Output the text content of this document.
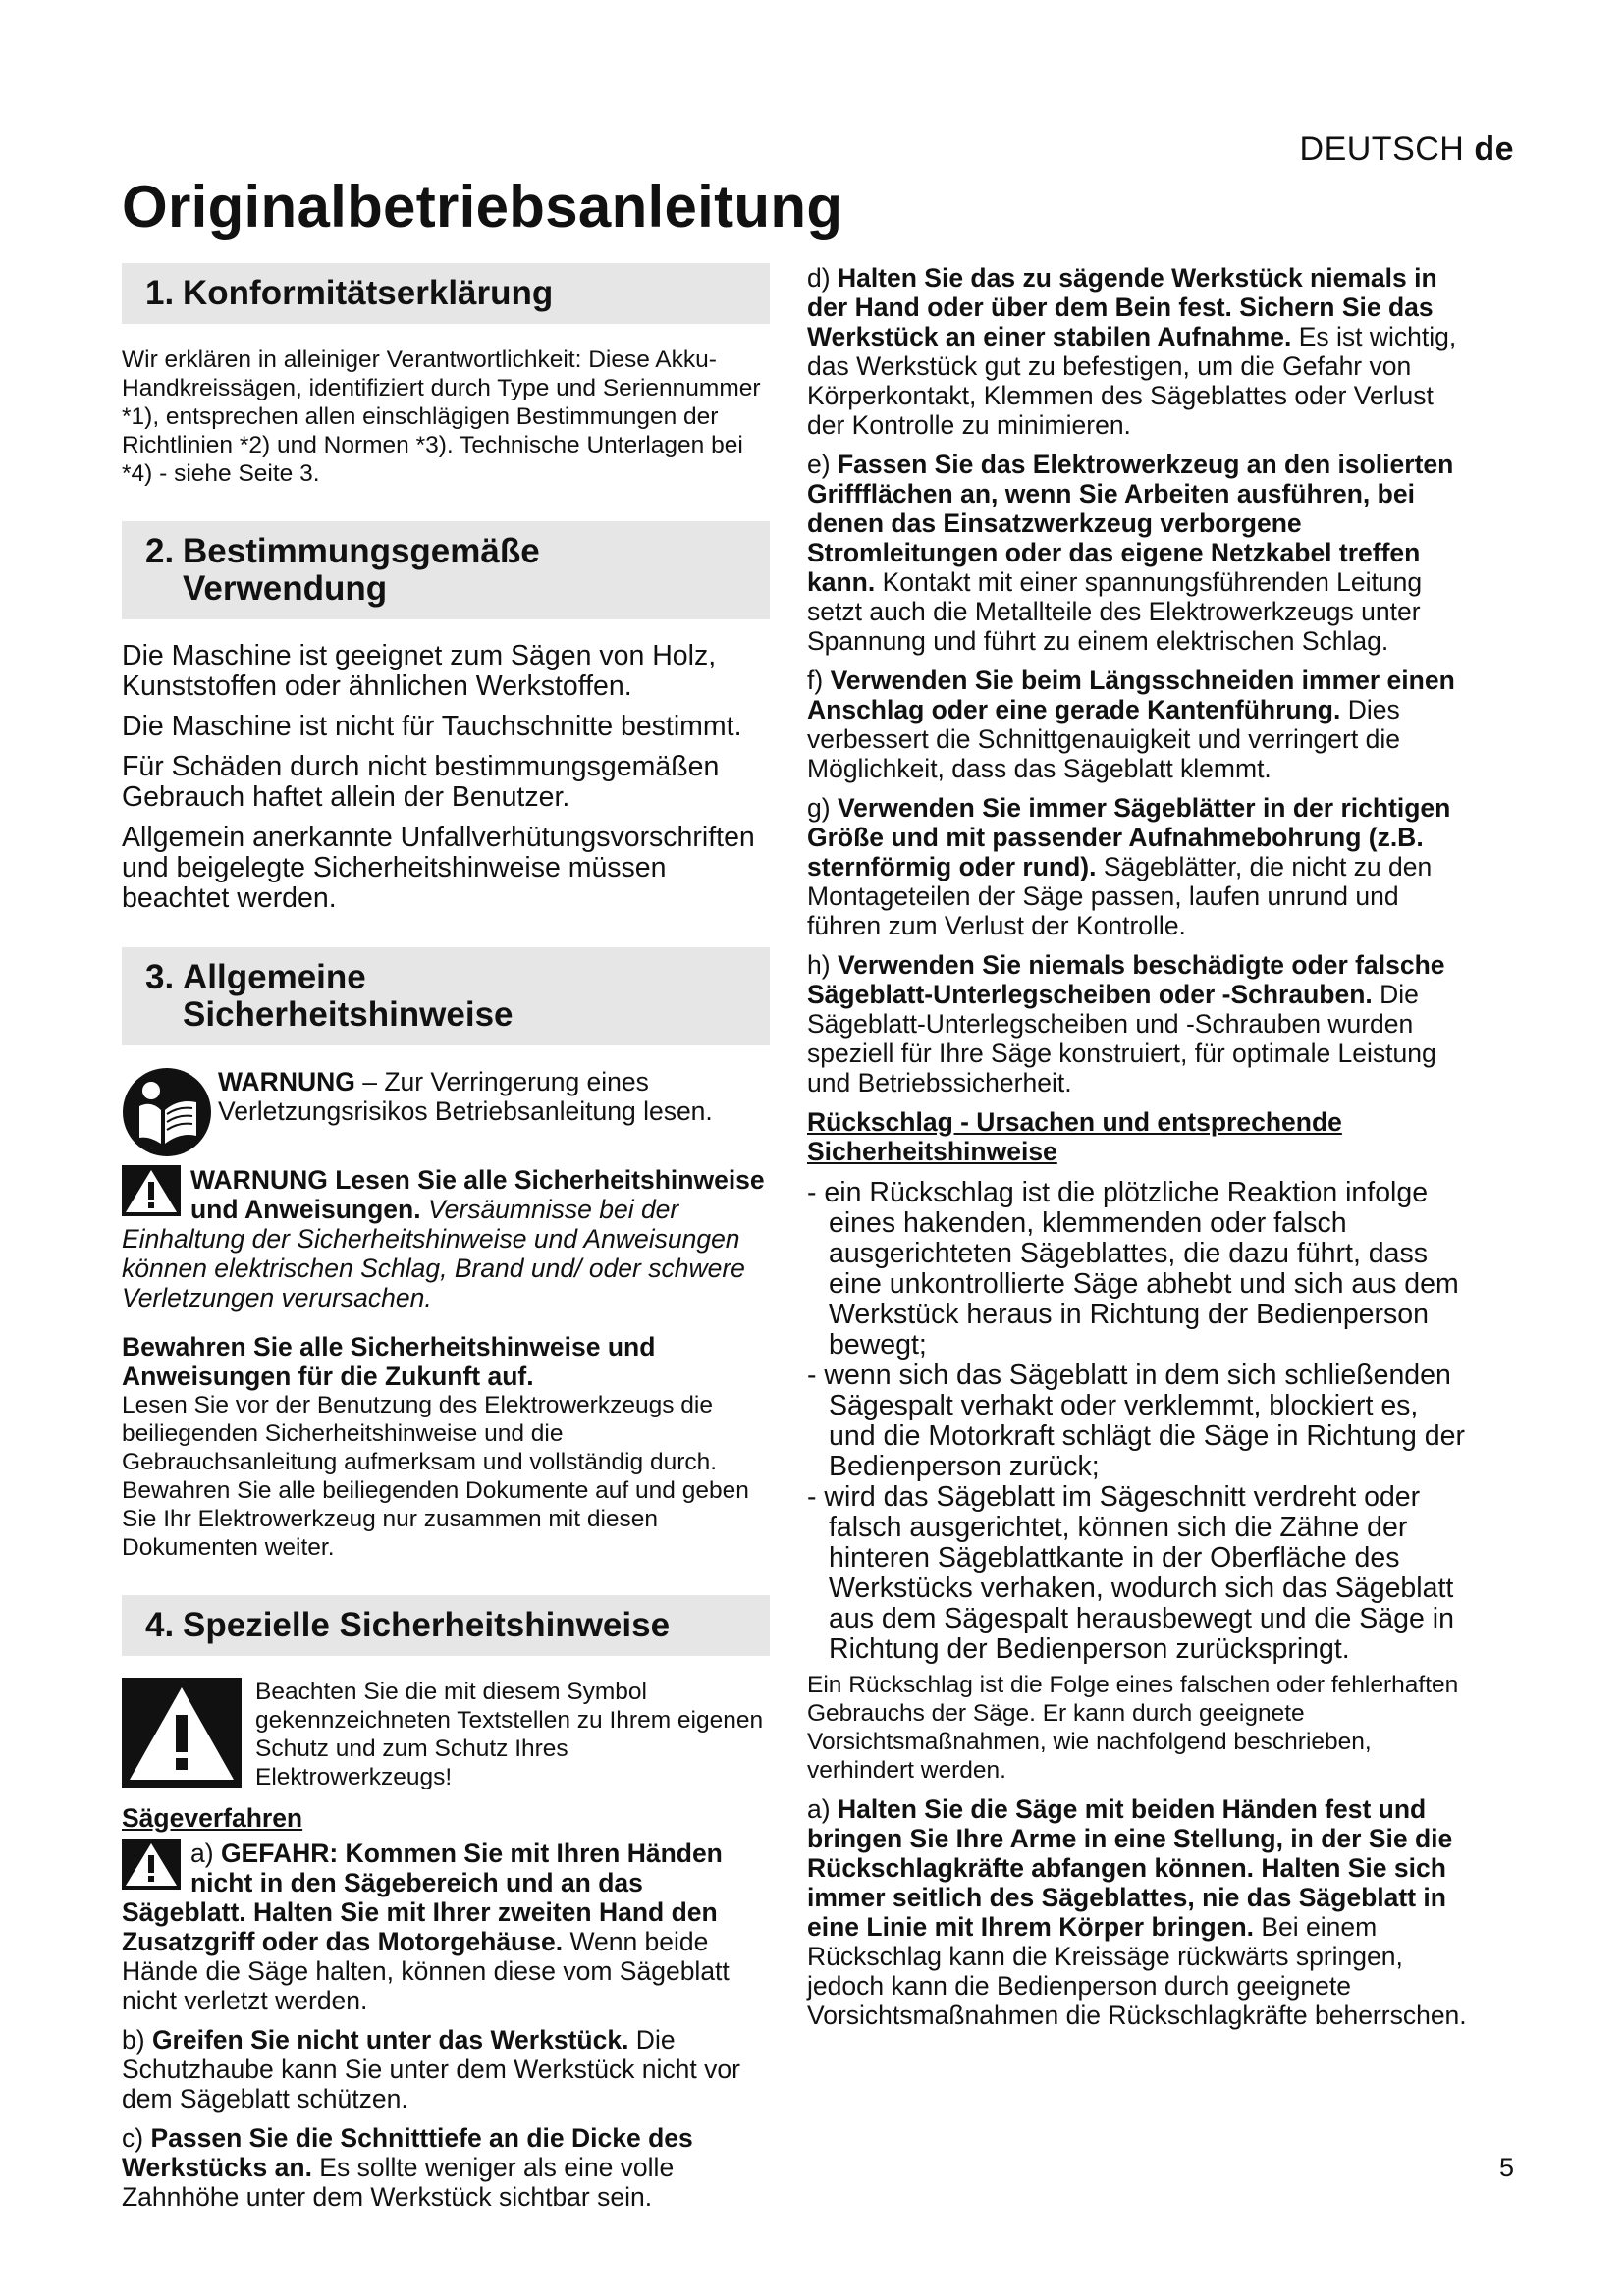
DEUTSCH de
Originalbetriebsanleitung
1. Konformitätserklärung

Wir erklären in alleiniger Verantwortlichkeit: Diese Akku-Handkreissägen, identifiziert durch Type und Seriennummer *1), entsprechen allen einschlägigen Bestimmungen der Richtlinien *2) und Normen *3). Technische Unterlagen bei *4) - siehe Seite 3.

2. Bestimmungsgemäße
Verwendung

Die Maschine ist geeignet zum Sägen von Holz, Kunststoffen oder ähnlichen Werkstoffen.

Die Maschine ist nicht für Tauchschnitte bestimmt.

Für Schäden durch nicht bestimmungsgemäßen Gebrauch haftet allein der Benutzer.

Allgemein anerkannte Unfallverhütungsvorschriften und beigelegte Sicherheitshinweise müssen beachtet werden.

3. Allgemeine
Sicherheitshinweise

WARNUNG – Zur Verringerung eines Verletzungsrisikos Betriebsanleitung lesen.

WARNUNG Lesen Sie alle Sicherheitshinweise und Anweisungen. Versäumnisse bei der Einhaltung der Sicherheitshinweise und Anweisungen können elektrischen Schlag, Brand und/ oder schwere Verletzungen verursachen.

Bewahren Sie alle Sicherheitshinweise und Anweisungen für die Zukunft auf.

Lesen Sie vor der Benutzung des Elektrowerkzeugs die beiliegenden Sicherheitshinweise und die Gebrauchsanleitung aufmerksam und vollständig durch. Bewahren Sie alle beiliegenden Dokumente auf und geben Sie Ihr Elektrowerkzeug nur zusammen mit diesen Dokumenten weiter.

4. Spezielle Sicherheitshinweise

Beachten Sie die mit diesem Symbol gekennzeichneten Textstellen zu Ihrem eigenen Schutz und zum Schutz Ihres Elektrowerkzeugs!

Sägeverfahren

a) GEFAHR: Kommen Sie mit Ihren Händen nicht in den Sägebereich und an das Sägeblatt. Halten Sie mit Ihrer zweiten Hand den Zusatzgriff oder das Motorgehäuse. Wenn beide Hände die Säge halten, können diese vom Sägeblatt nicht verletzt werden.

b) Greifen Sie nicht unter das Werkstück. Die Schutzhaube kann Sie unter dem Werkstück nicht vor dem Sägeblatt schützen.

c) Passen Sie die Schnitttiefe an die Dicke des Werkstücks an. Es sollte weniger als eine volle Zahnhöhe unter dem Werkstück sichtbar sein.

d) Halten Sie das zu sägende Werkstück niemals in der Hand oder über dem Bein fest. Sichern Sie das Werkstück an einer stabilen Aufnahme. Es ist wichtig, das Werkstück gut zu befestigen, um die Gefahr von Körperkontakt, Klemmen des Sägeblattes oder Verlust der Kontrolle zu minimieren.

e) Fassen Sie das Elektrowerkzeug an den isolierten Griffflächen an, wenn Sie Arbeiten ausführen, bei denen das Einsatzwerkzeug verborgene Stromleitungen oder das eigene Netzkabel treffen kann. Kontakt mit einer spannungsführenden Leitung setzt auch die Metallteile des Elektrowerkzeugs unter Spannung und führt zu einem elektrischen Schlag.

f) Verwenden Sie beim Längsschneiden immer einen Anschlag oder eine gerade Kantenführung. Dies verbessert die Schnittgenauigkeit und verringert die Möglichkeit, dass das Sägeblatt klemmt.

g) Verwenden Sie immer Sägeblätter in der richtigen Größe und mit passender Aufnahmebohrung (z.B. sternförmig oder rund). Sägeblätter, die nicht zu den Montageteilen der Säge passen, laufen unrund und führen zum Verlust der Kontrolle.

h) Verwenden Sie niemals beschädigte oder falsche Sägeblatt-Unterlegscheiben oder -Schrauben. Die Sägeblatt-Unterlegscheiben und -Schrauben wurden speziell für Ihre Säge konstruiert, für optimale Leistung und Betriebssicherheit.

Rückschlag - Ursachen und entsprechende Sicherheitshinweise

- ein Rückschlag ist die plötzliche Reaktion infolge eines hakenden, klemmenden oder falsch ausgerichteten Sägeblattes, die dazu führt, dass eine unkontrollierte Säge abhebt und sich aus dem Werkstück heraus in Richtung der Bedienperson bewegt;

- wenn sich das Sägeblatt in dem sich schließenden Sägespalt verhakt oder verklemmt, blockiert es, und die Motorkraft schlägt die Säge in Richtung der Bedienperson zurück;

- wird das Sägeblatt im Sägeschnitt verdreht oder falsch ausgerichtet, können sich die Zähne der hinteren Sägeblattkante in der Oberfläche des Werkstücks verhaken, wodurch sich das Sägeblatt aus dem Sägespalt herausbewegt und die Säge in Richtung der Bedienperson zurückspringt.

Ein Rückschlag ist die Folge eines falschen oder fehlerhaften Gebrauchs der Säge. Er kann durch geeignete Vorsichtsmaßnahmen, wie nachfolgend beschrieben, verhindert werden.

a) Halten Sie die Säge mit beiden Händen fest und bringen Sie Ihre Arme in eine Stellung, in der Sie die Rückschlagkräfte abfangen können. Halten Sie sich immer seitlich des Sägeblattes, nie das Sägeblatt in eine Linie mit Ihrem Körper bringen. Bei einem Rückschlag kann die Kreissäge rückwärts springen, jedoch kann die Bedienperson durch geeignete Vorsichtsmaßnahmen die Rückschlagkräfte beherrschen.

5
